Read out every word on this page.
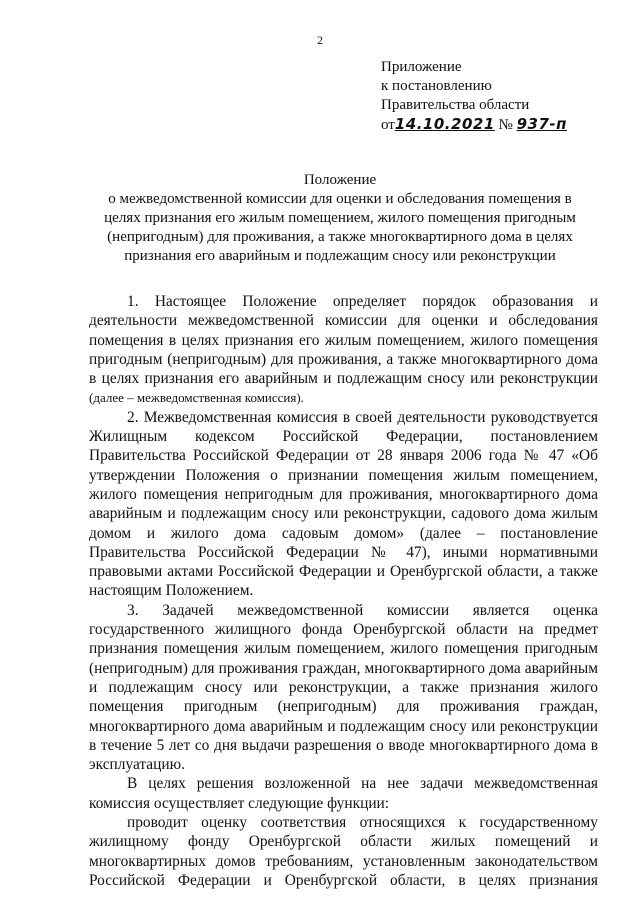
2
Приложение
к постановлению
Правительства области
от14.10.2021 № 937-п
Положение
о межведомственной комиссии для оценки и обследования помещения в
целях признания его жилым помещением, жилого помещения пригодным
(непригодным) для проживания, а также многоквартирного дома в целях
признания его аварийным и подлежащим сносу или реконструкции
1. Настоящее Положение определяет порядок образования и
деятельности межведомственной комиссии для оценки и обследования
помещения в целях признания его жилым помещением, жилого помещения
пригодным (непригодным) для проживания, а также многоквартирного дома
в целях признания его аварийным и подлежащим сносу или реконструкции
(далее – межведомственная комиссия).
2. Межведомственная комиссия в своей деятельности руководствуется
Жилищным кодексом Российской Федерации, постановлением
Правительства Российской Федерации от 28 января 2006 года № 47 «Об
утверждении Положения о признании помещения жилым помещением,
жилого помещения непригодным для проживания, многоквартирного дома
аварийным и подлежащим сносу или реконструкции, садового дома жилым
домом и жилого дома садовым домом» (далее – постановление
Правительства Российской Федерации № 47), иными нормативными
правовыми актами Российской Федерации и Оренбургской области, а также
настоящим Положением.
3. Задачей межведомственной комиссии является оценка
государственного жилищного фонда Оренбургской области на предмет
признания помещения жилым помещением, жилого помещения пригодным
(непригодным) для проживания граждан, многоквартирного дома аварийным
и подлежащим сносу или реконструкции, а также признания жилого
помещения пригодным (непригодным) для проживания граждан,
многоквартирного дома аварийным и подлежащим сносу или реконструкции
в течение 5 лет со дня выдачи разрешения о вводе многоквартирного дома в
эксплуатацию.
В целях решения возложенной на нее задачи межведомственная
комиссия осуществляет следующие функции:
проводит оценку соответствия относящихся к государственному
жилищному фонду Оренбургской области жилых помещений и
многоквартирных домов требованиям, установленным законодательством
Российской Федерации и Оренбургской области, в целях признания
